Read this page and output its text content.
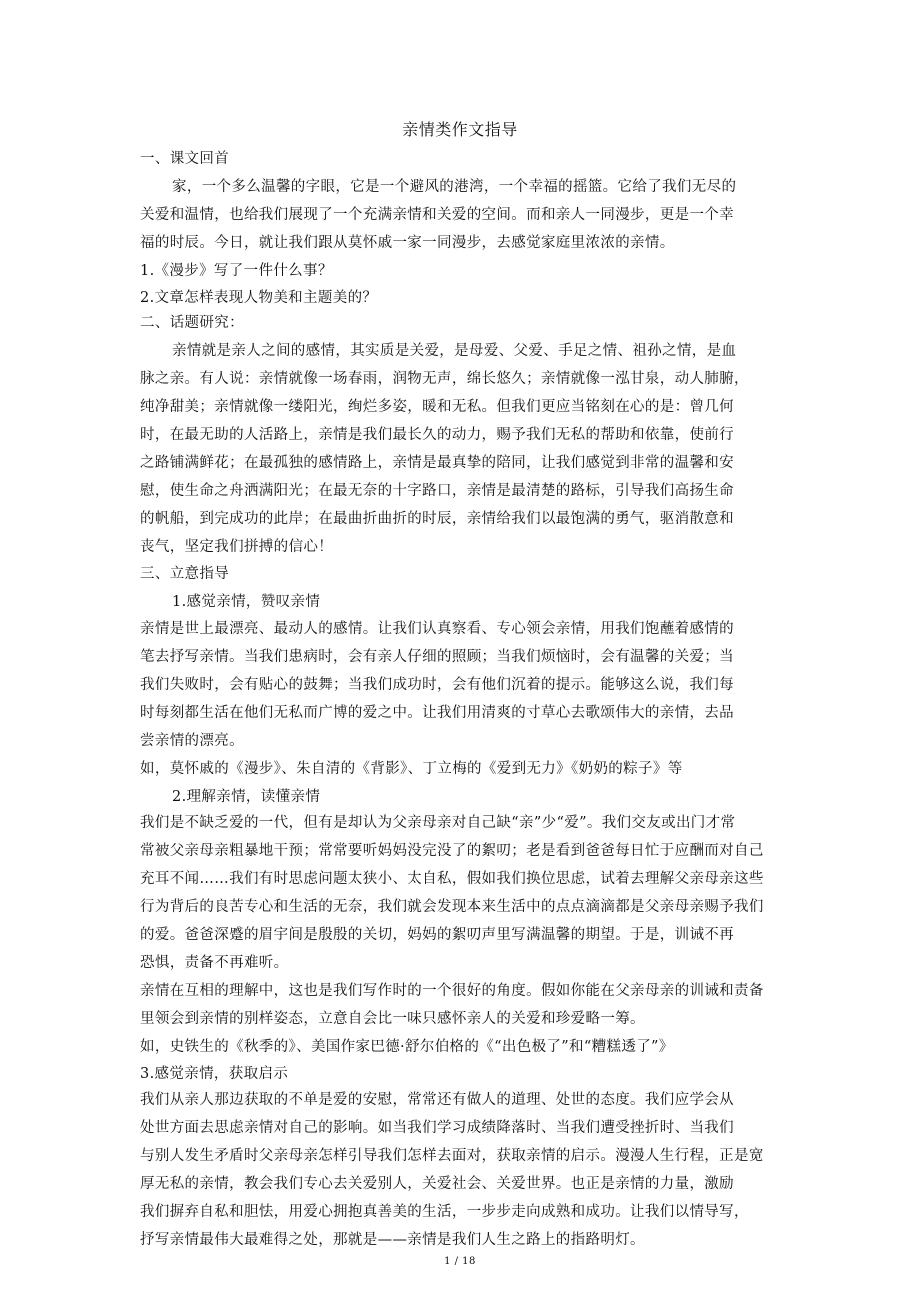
亲情类作文指导
一、课文回首
家，一个多么温馨的字眼，它是一个避风的港湾，一个幸福的摇篮。它给了我们无尽的
关爱和温情，也给我们展现了一个充满亲情和关爱的空间。而和亲人一同漫步，更是一个幸
福的时辰。今日，就让我们跟从莫怀戚一家一同漫步，去感觉家庭里浓浓的亲情。
1.《漫步》写了一件什么事？
2.文章怎样表现人物美和主题美的？
二、话题研究：
亲情就是亲人之间的感情，其实质是关爱，是母爱、父爱、手足之情、祖孙之情，是血
脉之亲。有人说：亲情就像一场春雨，润物无声，绵长悠久；亲情就像一泓甘泉，动人肺腑，
纯净甜美；亲情就像一缕阳光，绚烂多姿，暖和无私。但我们更应当铭刻在心的是：曾几何
时，在最无助的人活路上，亲情是我们最长久的动力，赐予我们无私的帮助和依靠，使前行
之路铺满鲜花；在最孤独的感情路上，亲情是最真挚的陪同，让我们感觉到非常的温馨和安
慰，使生命之舟洒满阳光；在最无奈的十字路口，亲情是最清楚的路标，引导我们高扬生命
的帆船，到完成功的此岸；在最曲折曲折的时辰，亲情给我们以最饱满的勇气，驱消散意和
丧气，坚定我们拼搏的信心！
三、立意指导
1.感觉亲情，赞叹亲情
亲情是世上最漂亮、最动人的感情。让我们认真察看、专心领会亲情，用我们饱蘸着感情的
笔去抒写亲情。当我们患病时，会有亲人仔细的照顾；当我们烦恼时，会有温馨的关爱；当
我们失败时，会有贴心的鼓舞；当我们成功时，会有他们沉着的提示。能够这么说，我们每
时每刻都生活在他们无私而广博的爱之中。让我们用清爽的寸草心去歌颂伟大的亲情，去品
尝亲情的漂亮。
如，莫怀戚的《漫步》、朱自清的《背影》、丁立梅的《爱到无力》《奶奶的粽子》等
2.理解亲情，读懂亲情
我们是不缺乏爱的一代，但有是却认为父亲母亲对自己缺“亲”少“爱”。我们交友或出门才常
常被父亲母亲粗暴地干预；常常要听妈妈没完没了的絮叨；老是看到爸爸每日忙于应酬而对自己
充耳不闻……我们有时思虑问题太狭小、太自私，假如我们换位思虑，试着去理解父亲母亲这些
行为背后的良苦专心和生活的无奈，我们就会发现本来生活中的点点滴滴都是父亲母亲赐予我们
的爱。爸爸深蹙的眉宇间是殷殷的关切，妈妈的絮叨声里写满温馨的期望。于是，训诫不再
恐惧，责备不再难听。
亲情在互相的理解中，这也是我们写作时的一个很好的角度。假如你能在父亲母亲的训诫和责备
里领会到亲情的别样姿态，立意自会比一味只感怀亲人的关爱和珍爱略一筹。
如，史铁生的《秋季的》、美国作家巴德·舒尔伯格的《“出色极了”和“糟糕透了”》
3.感觉亲情，获取启示
我们从亲人那边获取的不单是爱的安慰，常常还有做人的道理、处世的态度。我们应学会从
处世方面去思虑亲情对自己的影响。如当我们学习成绩降落时、当我们遭受挫折时、当我们
与别人发生矛盾时父亲母亲怎样引导我们怎样去面对，获取亲情的启示。漫漫人生行程，正是宽
厚无私的亲情，教会我们专心去关爱别人，关爱社会、关爱世界。也正是亲情的力量，激励
我们摒弃自私和胆怯，用爱心拥抱真善美的生活，一步步走向成熟和成功。让我们以情导写，
抒写亲情最伟大最难得之处，那就是——亲情是我们人生之路上的指路明灯。
1 / 18
